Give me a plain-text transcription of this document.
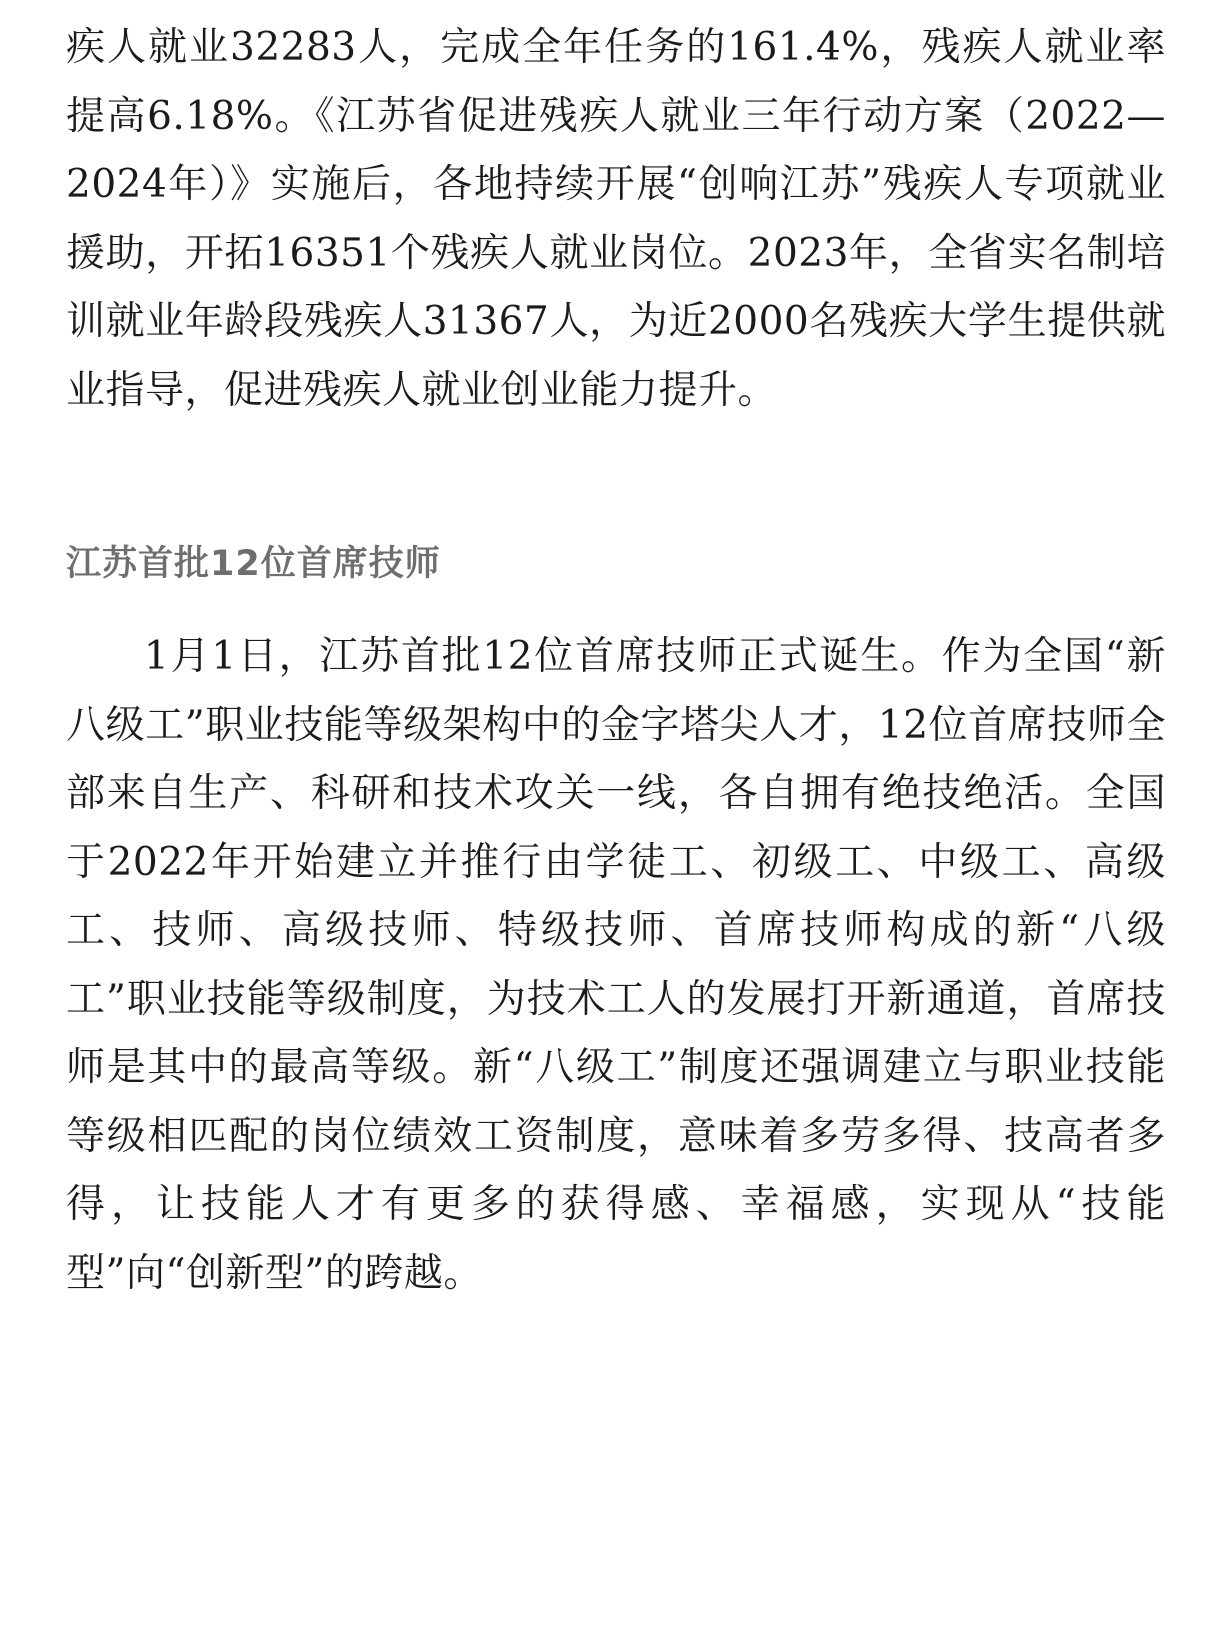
疾人就业32283人，完成全年任务的161.4%，残疾人就业率提高6.18%。《江苏省促进残疾人就业三年行动方案（2022—2024年）》实施后，各地持续开展“创响江苏”残疾人专项就业援助，开拓16351个残疾人就业岗位。2023年，全省实名制培训就业年龄段残疾人31367人，为近2000名残疾大学生提供就业指导，促进残疾人就业创业能力提升。

江苏首批12位首席技师

1月1日，江苏首批12位首席技师正式诞生。作为全国“新八级工”职业技能等级架构中的金字塔尖人才，12位首席技师全部来自生产、科研和技术攻关一线，各自拥有绝技绝活。全国于2022年开始建立并推行由学徒工、初级工、中级工、高级工、技师、高级技师、特级技师、首席技师构成的新“八级工”职业技能等级制度，为技术工人的发展打开新通道，首席技师是其中的最高等级。新“八级工”制度还强调建立与职业技能等级相匹配的岗位绩效工资制度，意味着多劳多得、技高者多得，让技能人才有更多的获得感、幸福感，实现从“技能型”向“创新型”的跨越。
